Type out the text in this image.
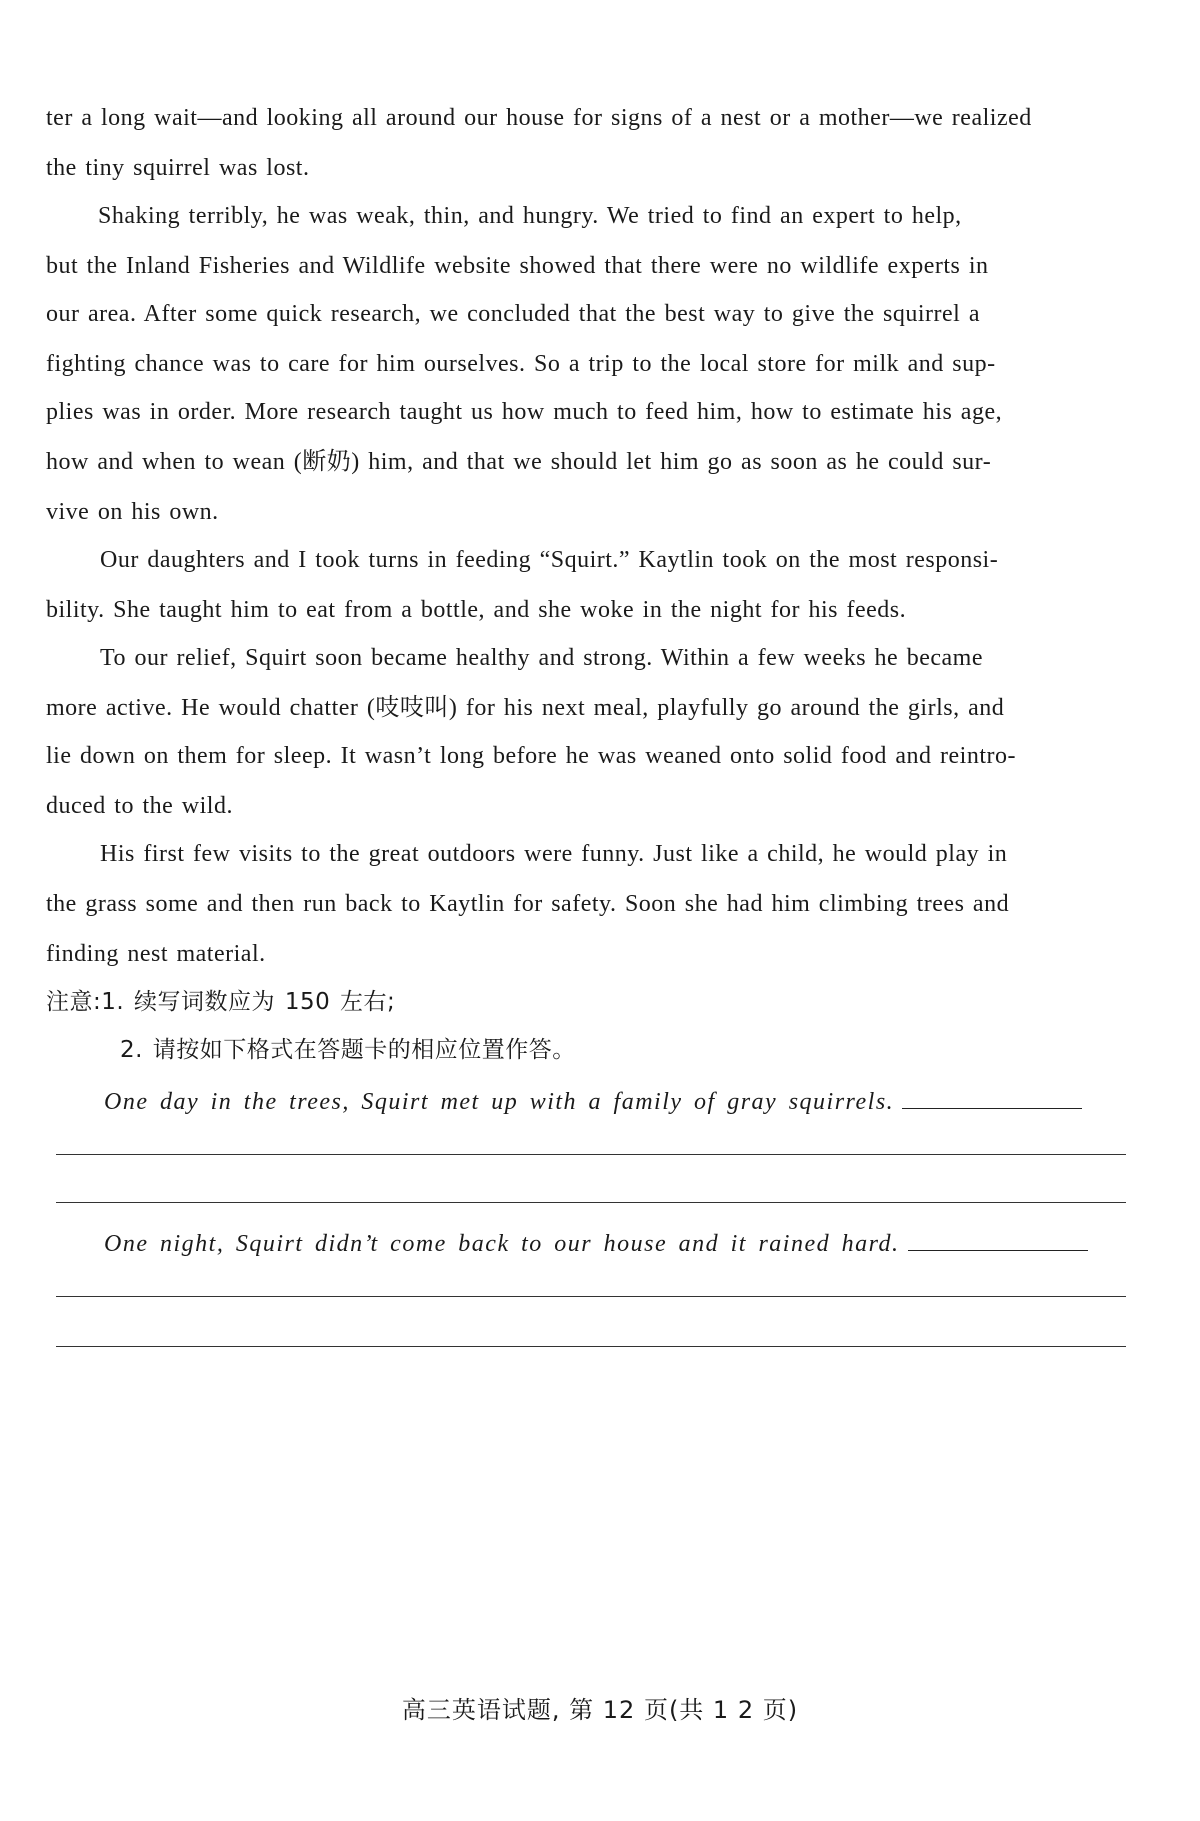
ter a long wait—and looking all around our house for signs of a nest or a mother—we realized
the tiny squirrel was lost.
Shaking terribly, he was weak, thin, and hungry. We tried to find an expert to help,
but the Inland Fisheries and Wildlife website showed that there were no wildlife experts in
our area. After some quick research, we concluded that the best way to give the squirrel a
fighting chance was to care for him ourselves. So a trip to the local store for milk and sup-
plies was in order. More research taught us how much to feed him, how to estimate his age,
how and when to wean (断奶) him, and that we should let him go as soon as he could sur-
vive on his own.
Our daughters and I took turns in feeding “Squirt.” Kaytlin took on the most responsi-
bility. She taught him to eat from a bottle, and she woke in the night for his feeds.
To our relief, Squirt soon became healthy and strong. Within a few weeks he became
more active. He would chatter (吱吱叫) for his next meal, playfully go around the girls, and
lie down on them for sleep. It wasn’t long before he was weaned onto solid food and reintro-
duced to the wild.
His first few visits to the great outdoors were funny. Just like a child, he would play in
the grass some and then run back to Kaytlin for safety. Soon she had him climbing trees and
finding nest material.
注意:1. 续写词数应为 150 左右;
2. 请按如下格式在答题卡的相应位置作答。
One day in the trees, Squirt met up with a family of gray squirrels.
One night, Squirt didn’t come back to our house and it rained hard.
高三英语试题, 第 12 页(共 1 2 页)
